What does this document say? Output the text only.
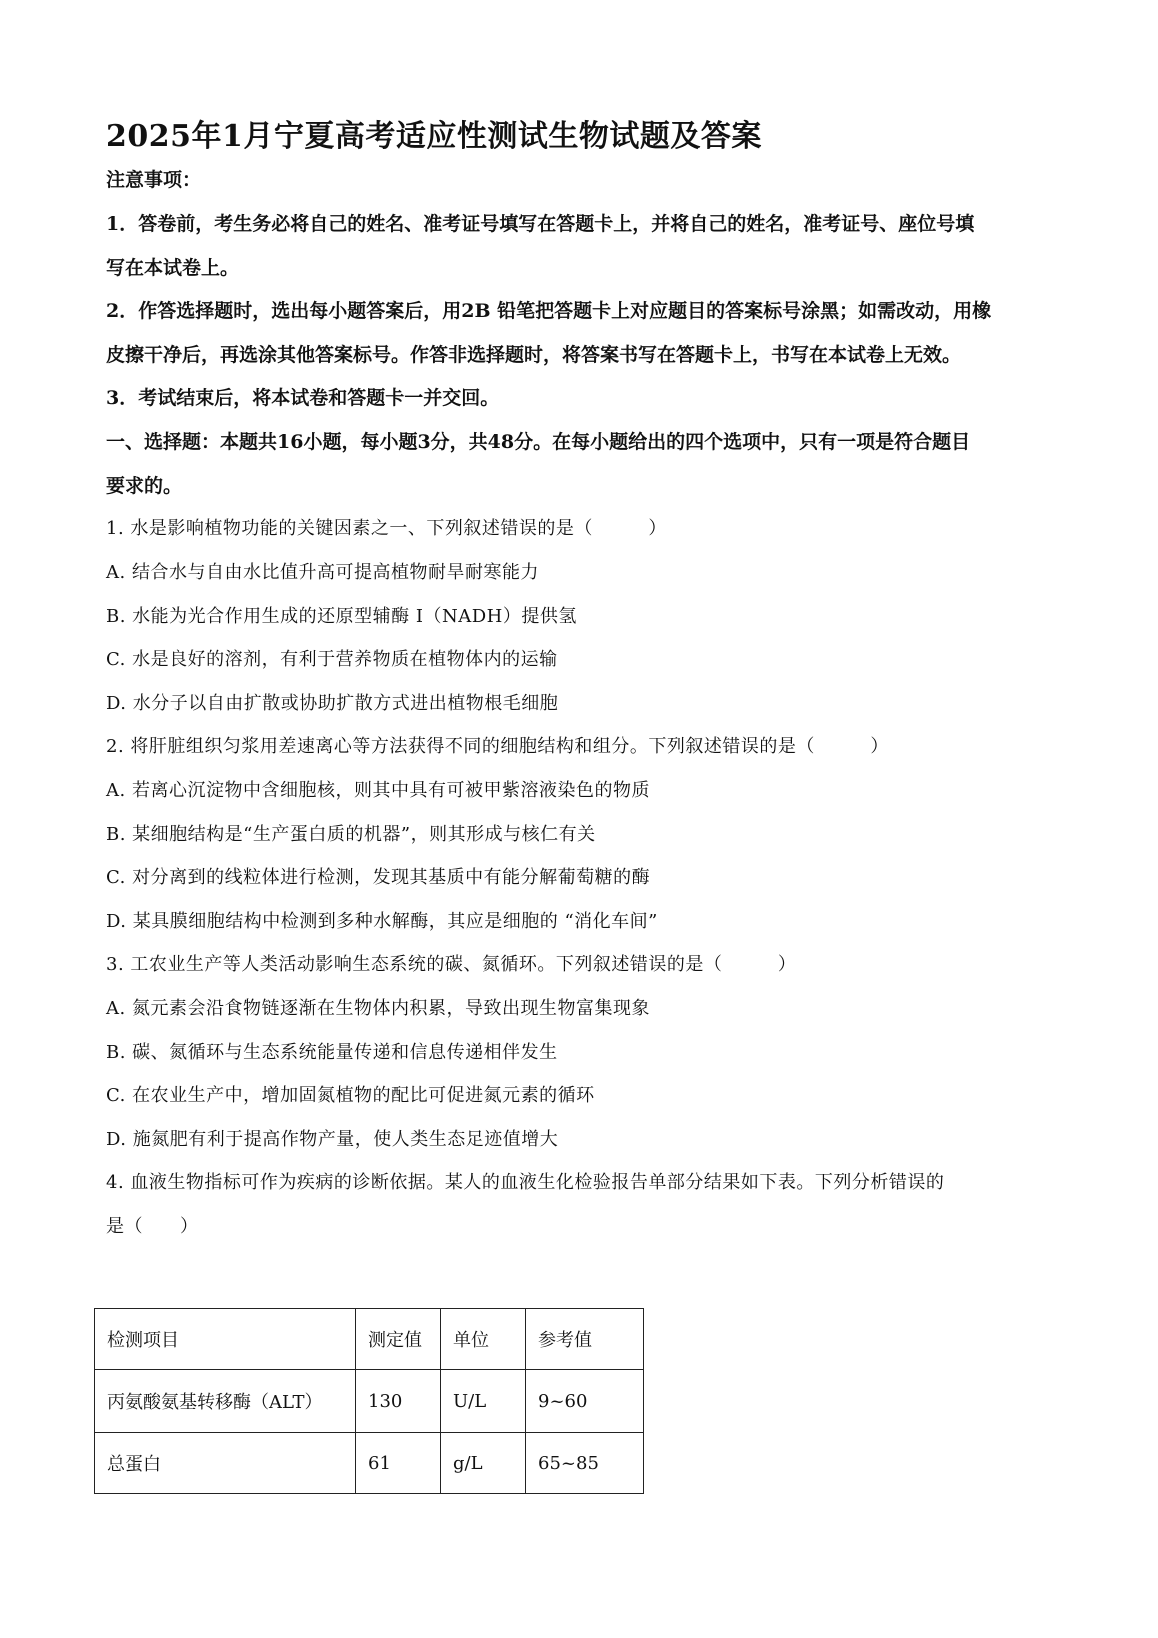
2025年1月宁夏高考适应性测试生物试题及答案
注意事项：
1．答卷前，考生务必将自己的姓名、准考证号填写在答题卡上，并将自己的姓名，准考证号、座位号填
写在本试卷上。
2．作答选择题时，选出每小题答案后，用2B 铅笔把答题卡上对应题目的答案标号涂黑；如需改动，用橡
皮擦干净后，再选涂其他答案标号。作答非选择题时，将答案书写在答题卡上，书写在本试卷上无效。
3．考试结束后，将本试卷和答题卡一并交回。
一、选择题：本题共16小题，每小题3分，共48分。在每小题给出的四个选项中，只有一项是符合题目
要求的。
1. 水是影响植物功能的关键因素之一、下列叙述错误的是（　　　）
A. 结合水与自由水比值升高可提高植物耐旱耐寒能力
B. 水能为光合作用生成的还原型辅酶 Ⅰ（NADH）提供氢
C. 水是良好的溶剂，有利于营养物质在植物体内的运输
D. 水分子以自由扩散或协助扩散方式进出植物根毛细胞
2. 将肝脏组织匀浆用差速离心等方法获得不同的细胞结构和组分。下列叙述错误的是（　　　）
A. 若离心沉淀物中含细胞核，则其中具有可被甲紫溶液染色的物质
B. 某细胞结构是“生产蛋白质的机器”，则其形成与核仁有关
C. 对分离到的线粒体进行检测，发现其基质中有能分解葡萄糖的酶
D. 某具膜细胞结构中检测到多种水解酶，其应是细胞的 “消化车间”
3. 工农业生产等人类活动影响生态系统的碳、氮循环。下列叙述错误的是（　　　）
A. 氮元素会沿食物链逐渐在生物体内积累，导致出现生物富集现象
B. 碳、氮循环与生态系统能量传递和信息传递相伴发生
C. 在农业生产中，增加固氮植物的配比可促进氮元素的循环
D. 施氮肥有利于提高作物产量，使人类生态足迹值增大
4. 血液生物指标可作为疾病的诊断依据。某人的血液生化检验报告单部分结果如下表。下列分析错误的
是（　　）
检测项目	测定值	单位	参考值
丙氨酸氨基转移酶（ALT）	130	U/L	9~60
总蛋白	61	g/L	65~85
